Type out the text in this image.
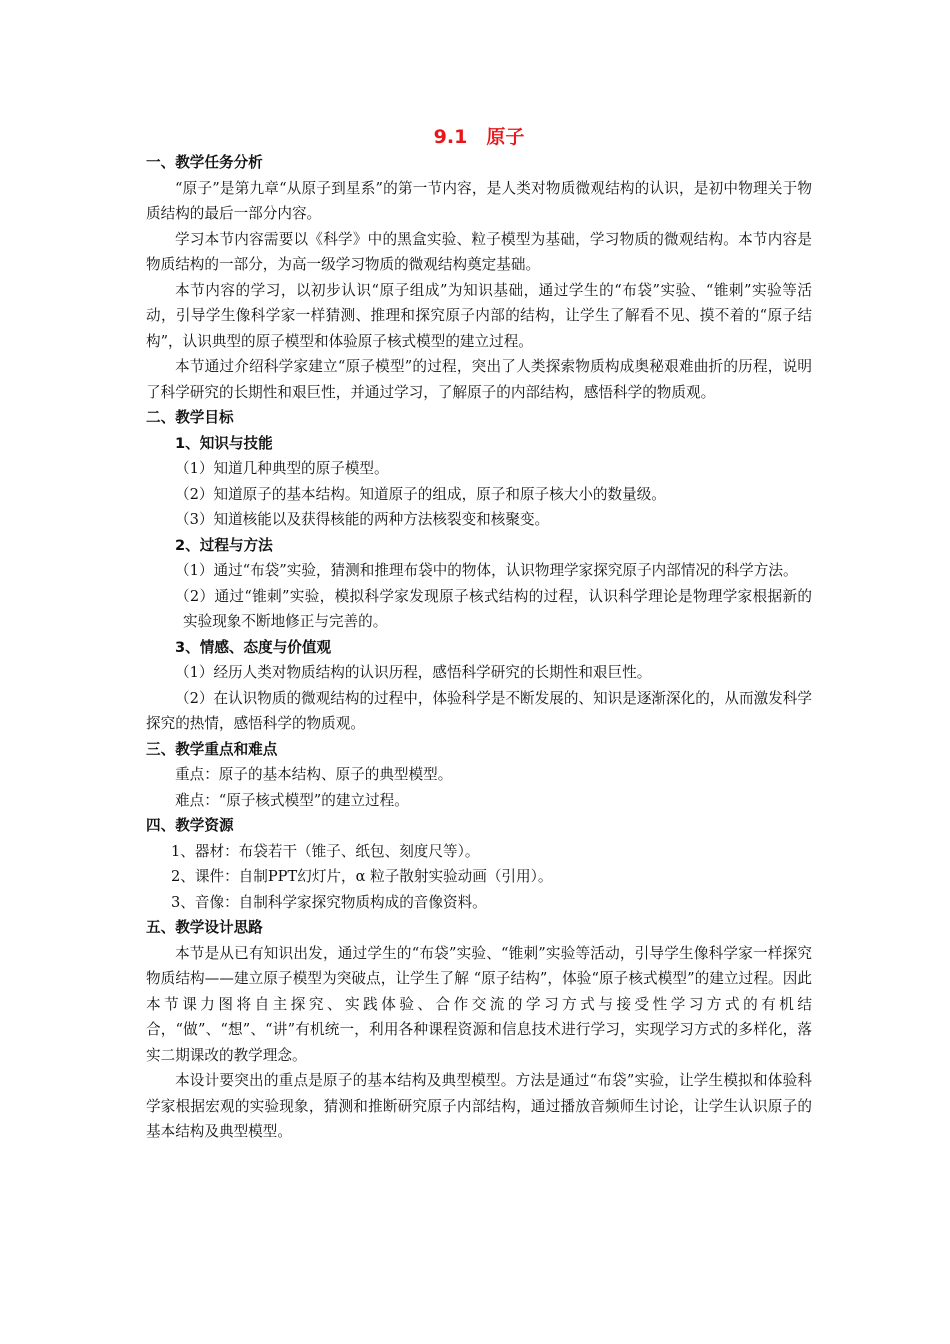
9.1　原子
一、教学任务分析
“原子”是第九章“从原子到星系”的第一节内容，是人类对物质微观结构的认识，是初中物理关于物质结构的最后一部分内容。
学习本节内容需要以《科学》中的黑盒实验、粒子模型为基础，学习物质的微观结构。本节内容是物质结构的一部分，为高一级学习物质的微观结构奠定基础。
本节内容的学习，以初步认识“原子组成”为知识基础，通过学生的“布袋”实验、“锥刺”实验等活动，引导学生像科学家一样猜测、推理和探究原子内部的结构，让学生了解看不见、摸不着的“原子结构”，认识典型的原子模型和体验原子核式模型的建立过程。
本节通过介绍科学家建立“原子模型”的过程，突出了人类探索物质构成奥秘艰难曲折的历程，说明了科学研究的长期性和艰巨性，并通过学习，了解原子的内部结构，感悟科学的物质观。
二、教学目标
1、知识与技能
（1）知道几种典型的原子模型。
（2）知道原子的基本结构。知道原子的组成，原子和原子核大小的数量级。
（3）知道核能以及获得核能的两种方法核裂变和核聚变。
2、过程与方法
（1）通过“布袋”实验，猜测和推理布袋中的物体，认识物理学家探究原子内部情况的科学方法。
（2）通过“锥刺”实验，模拟科学家发现原子核式结构的过程，认识科学理论是物理学家根据新的实验现象不断地修正与完善的。
3、情感、态度与价值观
（1）经历人类对物质结构的认识历程，感悟科学研究的长期性和艰巨性。
（2）在认识物质的微观结构的过程中，体验科学是不断发展的、知识是逐渐深化的，从而激发科学探究的热情，感悟科学的物质观。
三、教学重点和难点
重点：原子的基本结构、原子的典型模型。
难点：“原子核式模型”的建立过程。
四、教学资源
1、器材：布袋若干（锥子、纸包、刻度尺等）。
2、课件：自制PPT幻灯片，α 粒子散射实验动画（引用）。
3、音像：自制科学家探究物质构成的音像资料。
五、教学设计思路
本节是从已有知识出发，通过学生的“布袋”实验、“锥刺”实验等活动，引导学生像科学家一样探究物质结构——建立原子模型为突破点，让学生了解 “原子结构”，体验“原子核式模型”的建立过程。因此本节课力图将自主探究、实践体验、合作交流的学习方式与接受性学习方式的有机结合，“做”、“想”、“讲”有机统一，利用各种课程资源和信息技术进行学习，实现学习方式的多样化，落实二期课改的教学理念。
本设计要突出的重点是原子的基本结构及典型模型。方法是通过“布袋”实验，让学生模拟和体验科学家根据宏观的实验现象，猜测和推断研究原子内部结构，通过播放音频师生讨论，让学生认识原子的基本结构及典型模型。
